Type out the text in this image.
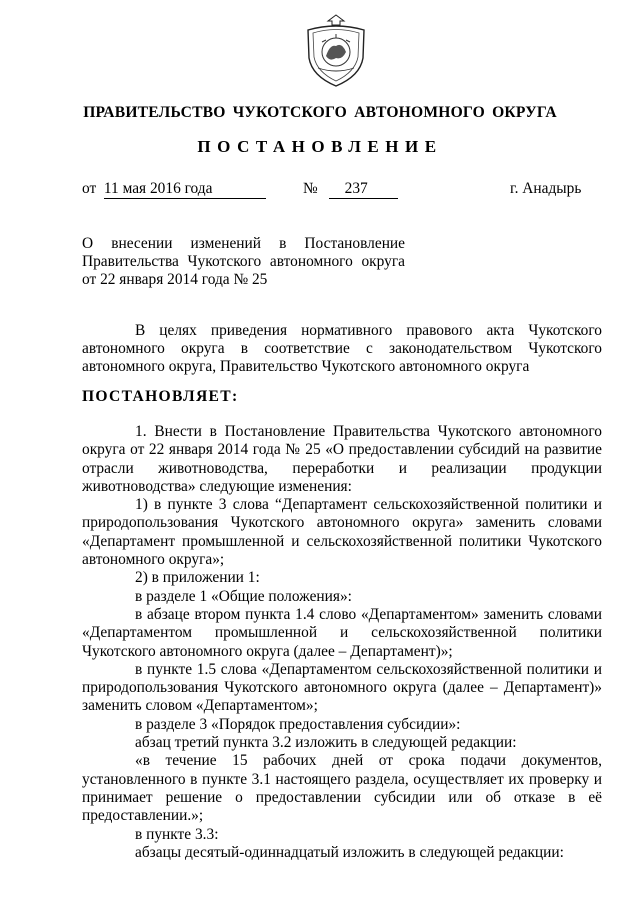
ПРАВИТЕЛЬСТВО ЧУКОТСКОГО АВТОНОМНОГО ОКРУГА
ПОСТАНОВЛЕНИЕ
от 11 мая 2016 года	№ 237	г. Анадырь
О внесении изменений в Постановление
Правительства Чукотского автономного округа
от 22 января 2014 года № 25

В целях приведения нормативного правового акта Чукотского автономного округа в соответствие с законодательством Чукотского автономного округа, Правительство Чукотского автономного округа

ПОСТАНОВЛЯЕТ:

1. Внести в Постановление Правительства Чукотского автономного округа от 22 января 2014 года № 25 «О предоставлении субсидий на развитие отрасли животноводства, переработки и реализации продукции животноводства» следующие изменения:

1) в пункте 3 слова “Департамент сельскохозяйственной политики и природопользования Чукотского автономного округа» заменить словами «Департамент промышленной и сельскохозяйственной политики Чукотского автономного округа»;

2) в приложении 1:

в разделе 1 «Общие положения»:

в абзаце втором пункта 1.4 слово «Департаментом» заменить словами «Департаментом промышленной и сельскохозяйственной политики Чукотского автономного округа (далее – Департамент)»;

в пункте 1.5 слова «Департаментом сельскохозяйственной политики и природопользования Чукотского автономного округа (далее – Департамент)» заменить словом «Департаментом»;

в разделе 3 «Порядок предоставления субсидии»:

абзац третий пункта 3.2 изложить в следующей редакции:

«в течение 15 рабочих дней от срока подачи документов, установленного в пункте 3.1 настоящего раздела, осуществляет их проверку и принимает решение о предоставлении субсидии или об отказе в её предоставлении.»;

в пункте 3.3:

абзацы десятый-одиннадцатый изложить в следующей редакции:
